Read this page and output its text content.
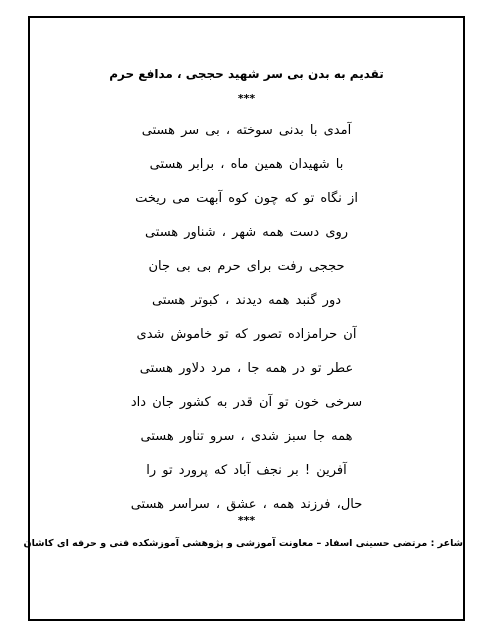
تقدیم به بدن بی سر شهید حججی ، مدافع حرم
***
آمدی با بدنی سوخته ، بی سر هستی
با شهیدان همین ماه ، برابر هستی
از نگاه تو که چون کوه آبهت می ریخت
روی دست همه شهر ، شناور هستی
حججی رفت برای حرم بی بی جان
دور گنبد همه دیدند ، کبوتر هستی
آن حرامزاده تصور که تو خاموش شدی
عطر تو در همه جا ، مرد دلاور هستی
سرخی خون تو آن قدر به کشور جان داد
همه جا سبز شدی ، سرو تناور هستی
آفرین ! بر نجف آباد که پرورد تو را
حال، فرزند همه ، عشق ، سراسر هستی
***
شاعر : مرتضی حسینی اسفاد – معاونت آموزشی و پژوهشی آموزشکده فنی و حرفه ای کاشان
